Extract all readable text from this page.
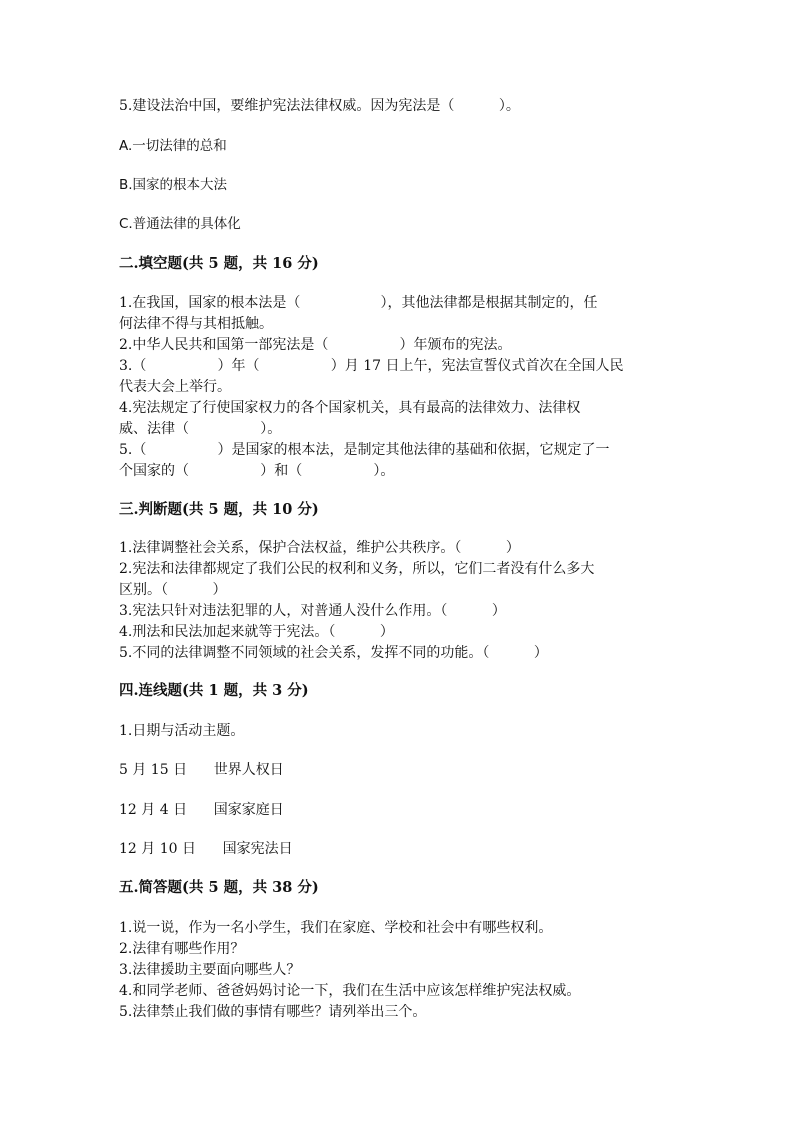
5.建设法治中国，要维护宪法法律权威。因为宪法是（          ）。
A.一切法律的总和
B.国家的根本大法
C.普通法律的具体化
二.填空题(共 5 题，共 16 分)
1.在我国，国家的根本法是（                  ），其他法律都是根据其制定的，任
何法律不得与其相抵触。
2.中华人民共和国第一部宪法是（                ）年颁布的宪法。
3.（                ）年（                ）月 17 日上午，宪法宣誓仪式首次在全国人民
代表大会上举行。
4.宪法规定了行使国家权力的各个国家机关，具有最高的法律效力、法律权
威、法律（                ）。
5.（                ）是国家的根本法，是制定其他法律的基础和依据，它规定了一
个国家的（                ）和（                ）。
三.判断题(共 5 题，共 10 分)
1.法律调整社会关系，保护合法权益，维护公共秩序。（          ）
2.宪法和法律都规定了我们公民的权利和义务，所以，它们二者没有什么多大
区别。（          ）
3.宪法只针对违法犯罪的人，对普通人没什么作用。（          ）
4.刑法和民法加起来就等于宪法。（          ）
5.不同的法律调整不同领域的社会关系，发挥不同的功能。（          ）
四.连线题(共 1 题，共 3 分)
1.日期与活动主题。
5 月 15 日      世界人权日
12 月 4 日      国家家庭日
12 月 10 日      国家宪法日
五.简答题(共 5 题，共 38 分)
1.说一说，作为一名小学生，我们在家庭、学校和社会中有哪些权利。
2.法律有哪些作用？
3.法律援助主要面向哪些人？
4.和同学老师、爸爸妈妈讨论一下，我们在生活中应该怎样维护宪法权威。
5.法律禁止我们做的事情有哪些？请列举出三个。
